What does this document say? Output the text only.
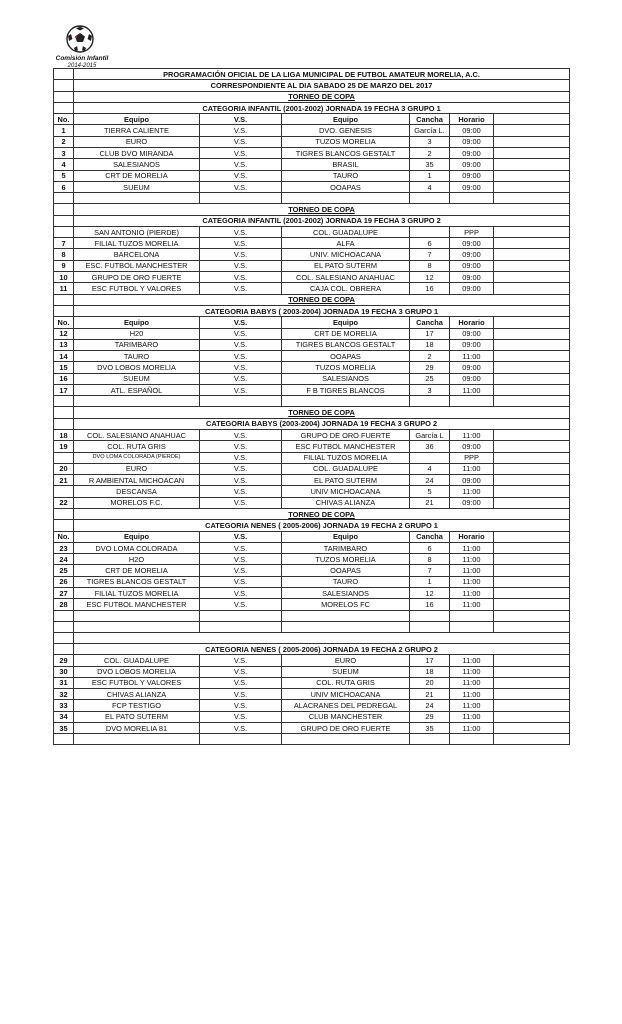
Comisión Infantil
2014-2015
	PROGRAMACIÓN OFICIAL DE LA LIGA MUNICIPAL DE FUTBOL AMATEUR MORELIA, A.C.					
	CORRESPONDIENTE AL DIA SABADO 25 DE MARZO DEL 2017					
	TORNEO DE COPA					
	CATEGORIA INFANTIL (2001-2002) JORNADA 19 FECHA 3 GRUPO 1					
No.	Equipo	V.S.	Equipo	Cancha	Horario	
1	TIERRA CALIENTE	V.S.	DVO. GENESIS	García L.	09:00	
2	EURO	V.S.	TUZOS MORELIA	3	09:00	
3	CLUB DVO MIRANDA	V.S.	TIGRES BLANCOS GESTALT	2	09:00	
4	SALESIANOS	V.S.	BRASIL	35	09:00	
5	CRT DE MORELIA	V.S.	TAURO	1	09:00	
6	SUEUM	V.S.	OOAPAS	4	09:00	

	TORNEO DE COPA					
	CATEGORIA INFANTIL (2001-2002) JORNADA 19 FECHA 3 GRUPO 2					
	SAN ANTONIO (PIERDE)	V.S.	COL. GUADALUPE		PPP	
7	FILIAL TUZOS MORELIA	V.S.	ALFA	6	09:00	
8	BARCELONA	V.S.	UNIV. MICHOACANA	7	09:00	
9	ESC. FUTBOL MANCHESTER	V.S.	EL PATO SUTERM	8	09:00	
10	GRUPO DE ORO FUERTE	V.S.	COL. SALESIANO ANAHUAC	12	09:00	
11	ESC FUTBOL Y VALORES	V.S.	CAJA COL. OBRERA	16	09:00	
	TORNEO DE COPA					
	CATEGORIA BABYS ( 2003-2004) JORNADA 19 FECHA 3 GRUPO 1					
No.	Equipo	V.S.	Equipo	Cancha	Horario	
12	H20	V.S.	CRT DE MORELIA	17	09:00	
13	TARIMBARO	V.S.	TIGRES BLANCOS GESTALT	18	09:00	
14	TAURO	V.S.	OOAPAS	2	11:00	
15	DVO LOBOS MORELIA	V.S.	TUZOS MORELIA	29	09:00	
16	SUEUM	V.S.	SALESIANOS	25	09:00	
17	ATL. ESPAÑOL	V.S.	F B TIGRES BLANCOS	3	11:00	

	TORNEO DE COPA					
	CATEGORIA BABYS (2003-2004) JORNADA 19 FECHA 3 GRUPO 2					
18	COL. SALESIANO ANAHUAC	V.S.	GRUPO DE ORO FUERTE	García L	11:00	
19	COL. RUTA GRIS	V.S.	ESC FUTBOL MANCHESTER	36	09:00	
	DVO LOMA COLORADA (PIERDE)	V.S.	FILIAL TUZOS MORELIA		PPP	
20	EURO	V.S.	COL. GUADALUPE	4	11:00	
21	R AMBIENTAL MICHOACAN	V.S.	EL PATO SUTERM	24	09:00	
	DESCANSA	V.S.	UNIV MICHOACANA	5	11:00	
22	MORELOS F.C.	V.S.	CHIVAS ALIANZA	21	09:00	
	TORNEO DE COPA					
	CATEGORIA NENES ( 2005-2006) JORNADA 19 FECHA 2 GRUPO 1					
No.	Equipo	V.S.	Equipo	Cancha	Horario	
23	DVO LOMA COLORADA	V.S.	TARIMBARO	6	11:00	
24	H2O	V.S.	TUZOS MORELIA	8	11:00	
25	CRT DE MORELIA	V.S.	OOAPAS	7	11:00	
26	TIGRES BLANCOS GESTALT	V.S.	TAURO	1	11:00	
27	FILIAL TUZOS MORELIA	V.S.	SALESIANOS	12	11:00	
28	ESC FUTBOL MANCHESTER	V.S.	MORELOS FC	16	11:00	

	CATEGORIA NENES ( 2005-2006) JORNADA 19 FECHA 2 GRUPO 2					
29	COL. GUADALUPE	V.S.	EURO	17	11:00	
30	DVO LOBOS MORELIA	V.S.	SUEUM	18	11:00	
31	ESC FUTBOL Y VALORES	V.S.	COL. RUTA GRIS	20	11:00	
32	CHIVAS ALIANZA	V.S.	UNIV MICHOACANA	21	11:00	
33	FCP TESTIGO	V.S.	ALACRANES DEL PEDREGAL	24	11:00	
34	EL PATO SUTERM	V.S.	CLUB MANCHESTER	29	11:00	
35	DVO MORELIA 81	V.S.	GRUPO DE ORO FUERTE	35	11:00	
